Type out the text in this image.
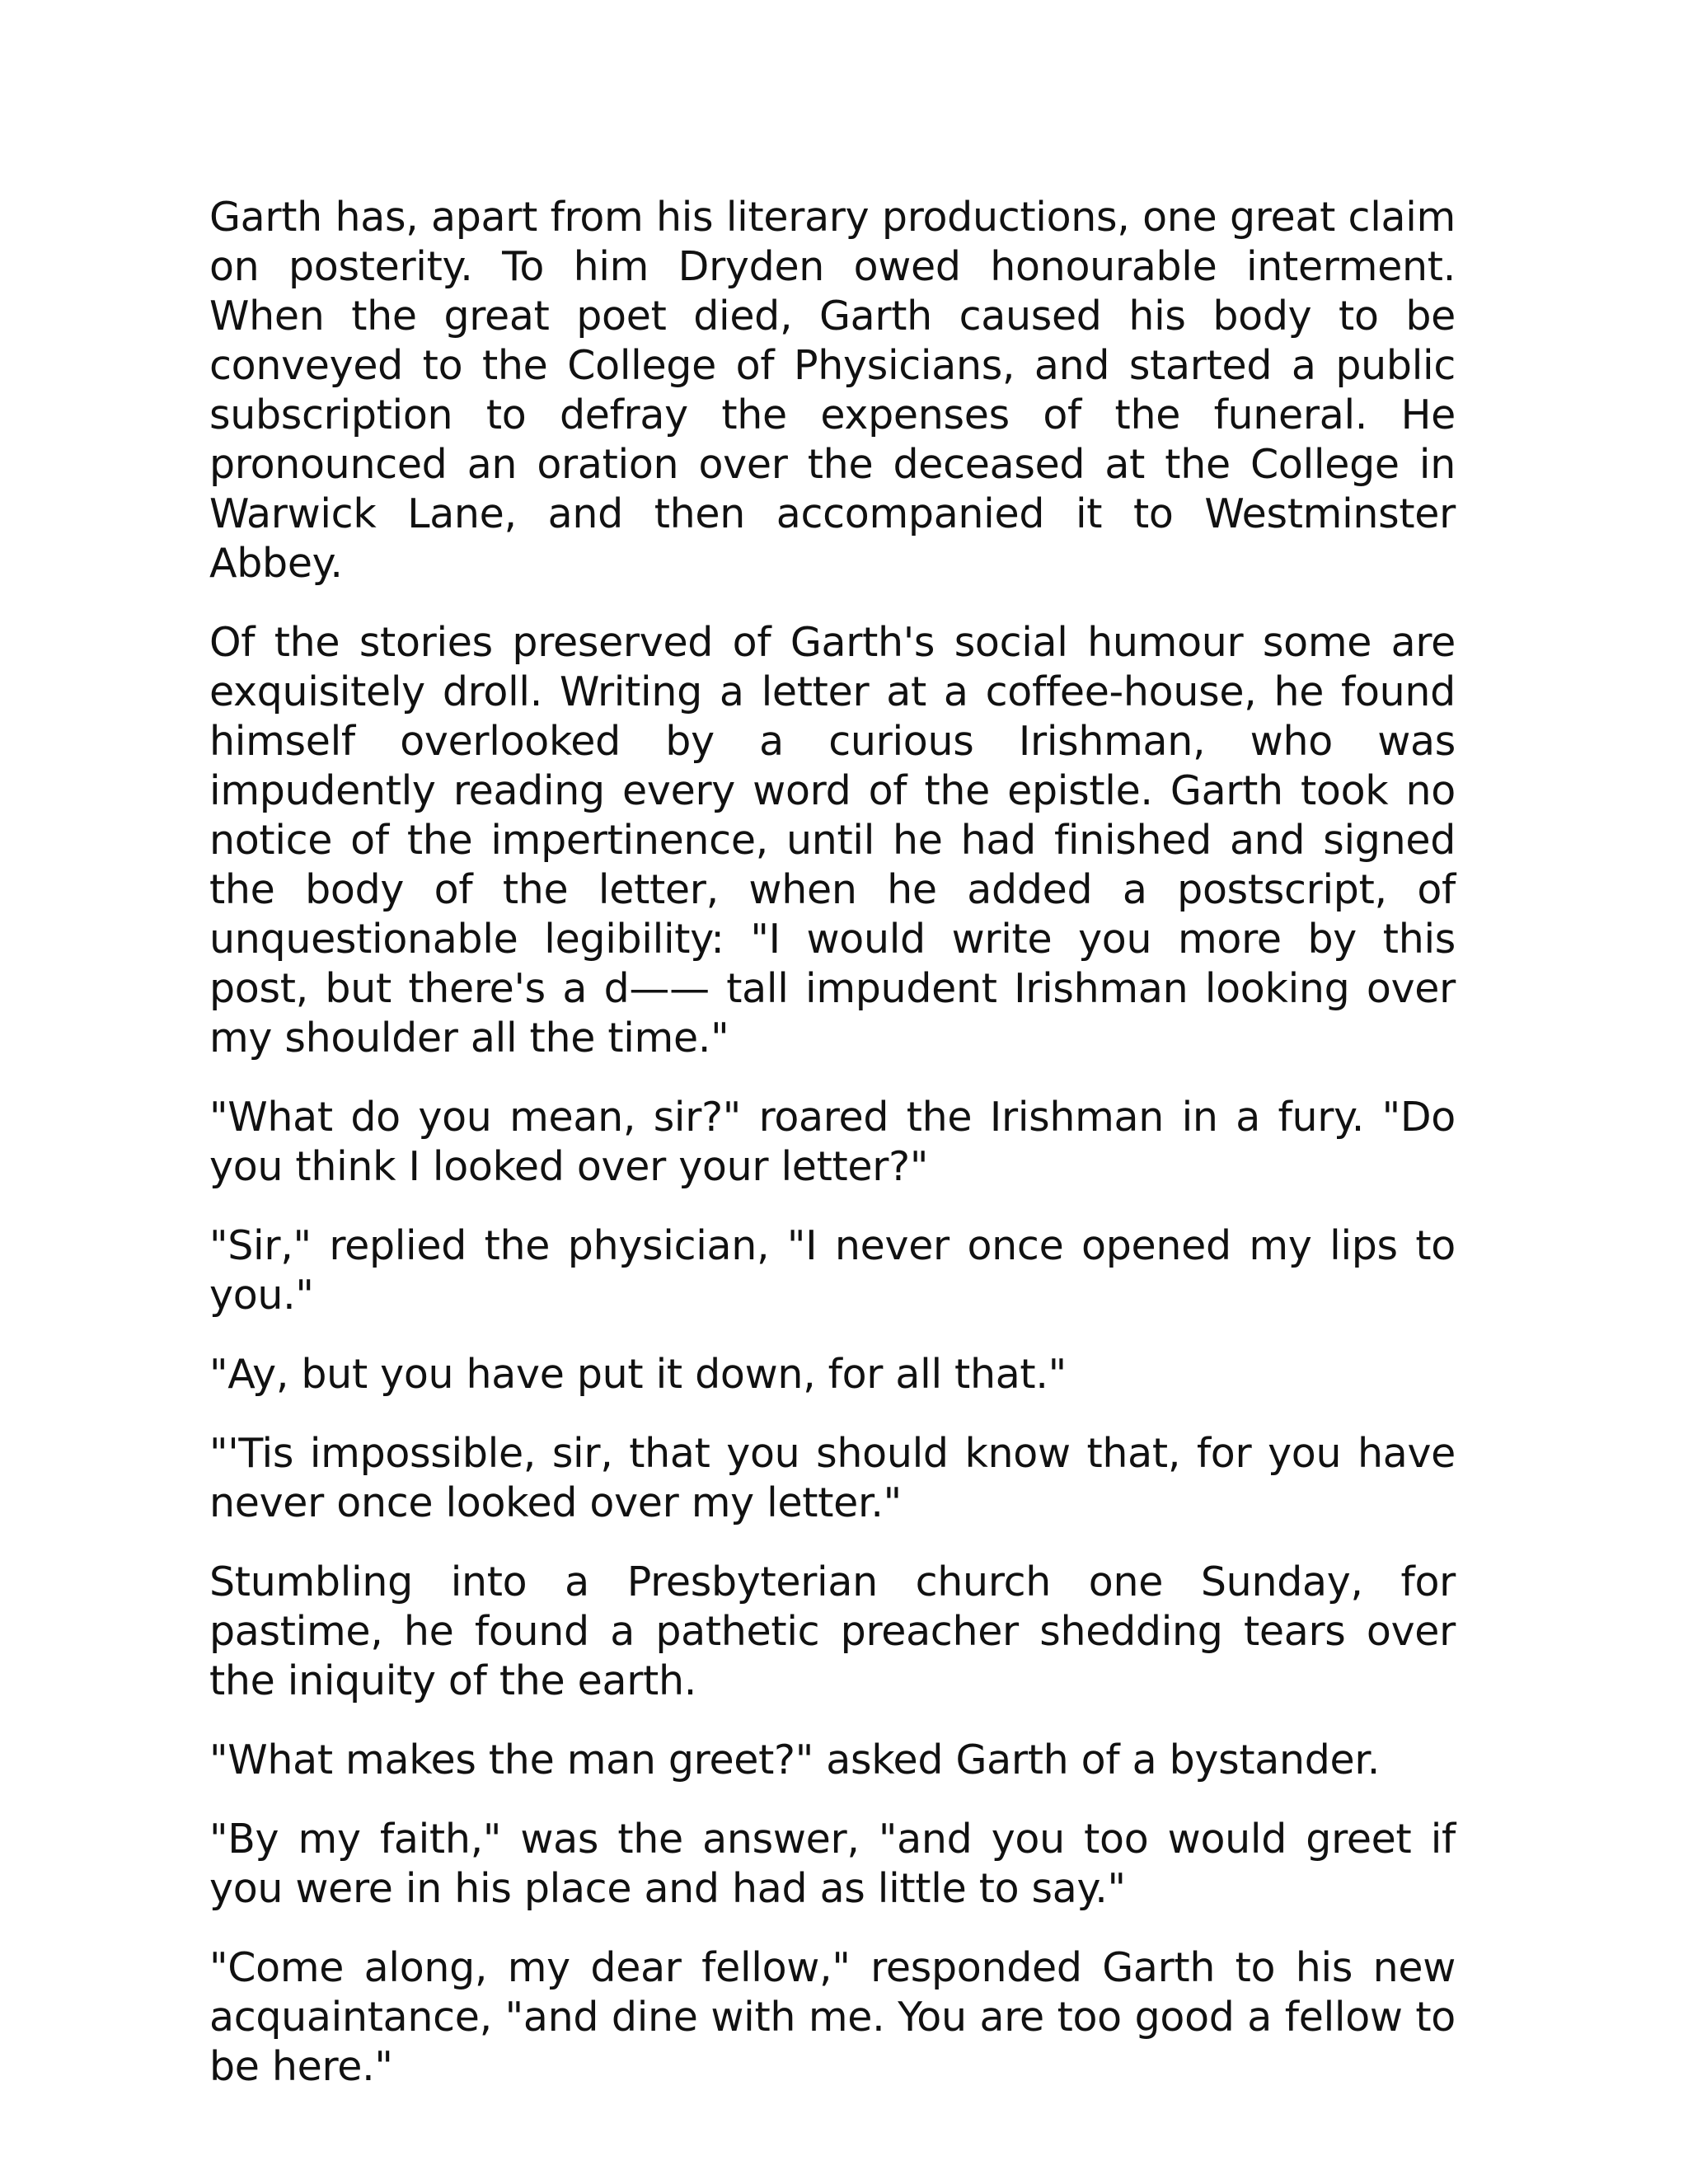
Garth has, apart from his literary productions, one great claim on posterity. To him Dryden owed honourable interment. When the great poet died, Garth caused his body to be conveyed to the College of Physicians, and started a public subscription to defray the expenses of the funeral. He pronounced an oration over the deceased at the College in Warwick Lane, and then accompanied it to Westminster Abbey.

Of the stories preserved of Garth's social humour some are exquisitely droll. Writing a letter at a coffee-house, he found himself overlooked by a curious Irishman, who was impudently reading every word of the epistle. Garth took no notice of the impertinence, until he had finished and signed the body of the letter, when he added a postscript, of unquestionable legibility: "I would write you more by this post, but there's a d—— tall impudent Irishman looking over my shoulder all the time."

"What do you mean, sir?" roared the Irishman in a fury. "Do you think I looked over your letter?"

"Sir," replied the physician, "I never once opened my lips to you."

"Ay, but you have put it down, for all that."

"'Tis impossible, sir, that you should know that, for you have never once looked over my letter."

Stumbling into a Presbyterian church one Sunday, for pastime, he found a pathetic preacher shedding tears over the iniquity of the earth.

"What makes the man greet?" asked Garth of a bystander.

"By my faith," was the answer, "and you too would greet if you were in his place and had as little to say."

"Come along, my dear fellow," responded Garth to his new acquaintance, "and dine with me. You are too good a fellow to be here."
